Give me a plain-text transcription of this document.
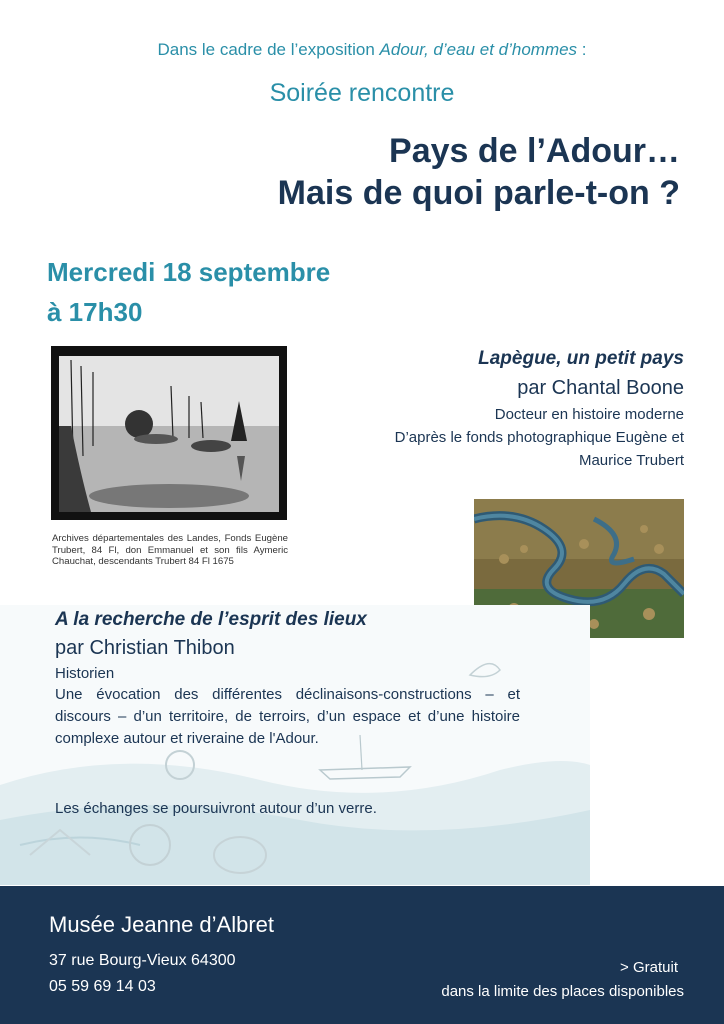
Dans le cadre de l’exposition Adour, d’eau et d’hommes :
Soirée rencontre
Pays de l’Adour…
Mais de quoi parle-t-on ?
Mercredi 18 septembre
à 17h30
Archives départementales des Landes, Fonds Eugène Trubert, 84 Fl, don Emmanuel et son fils Aymeric Chauchat, descendants Trubert 84 Fl 1675
Lapègue, un petit pays
par Chantal Boone
Docteur en histoire moderne
D’après le fonds photographique Eugène et
Maurice Trubert
A la recherche de l’esprit des lieux
par Christian Thibon
Historien
Une évocation des différentes déclinaisons-constructions – et discours – d’un territoire, de terroirs, d’un espace et d’une histoire complexe autour et riveraine de l'Adour.
Les échanges se poursuivront autour d’un verre.
Musée Jeanne d’Albret
37 rue Bourg-Vieux 64300
05 59 69 14 03
> Gratuit
dans la limite des places disponibles
